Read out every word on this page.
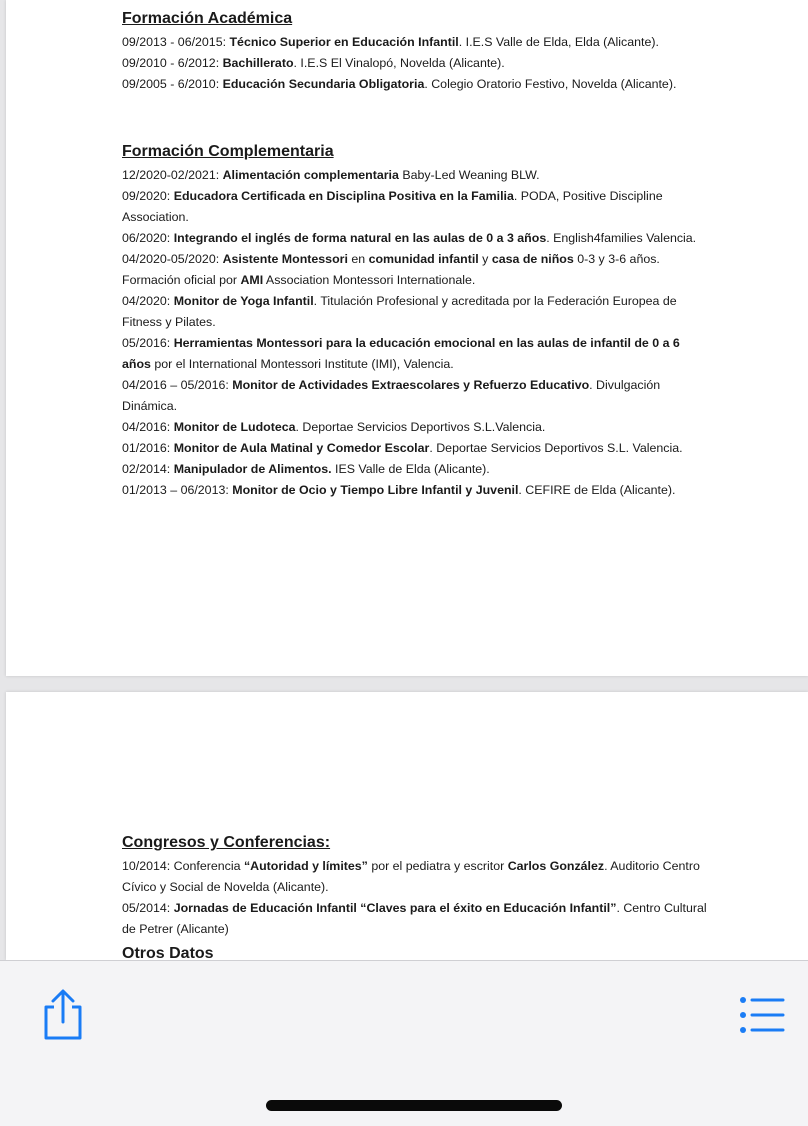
Formación Académica

09/2013 - 06/2015: Técnico Superior en Educación Infantil. I.E.S Valle de Elda, Elda (Alicante).

09/2010 - 6/2012: Bachillerato. I.E.S El Vinalopó, Novelda (Alicante).

09/2005 - 6/2010: Educación Secundaria Obligatoria. Colegio Oratorio Festivo, Novelda (Alicante).

Formación Complementaria

12/2020-02/2021: Alimentación complementaria Baby-Led Weaning BLW.

09/2020: Educadora Certificada en Disciplina Positiva en la Familia. PODA, Positive Discipline Association.

06/2020: Integrando el inglés de forma natural en las aulas de 0 a 3 años. English4families Valencia.

04/2020-05/2020: Asistente Montessori en comunidad infantil y casa de niños 0-3 y 3-6 años. Formación oficial por AMI Association Montessori Internationale.

04/2020: Monitor de Yoga Infantil. Titulación Profesional y acreditada por la Federación Europea de Fitness y Pilates.

05/2016: Herramientas Montessori para la educación emocional en las aulas de infantil de 0 a 6 años por el International Montessori Institute (IMI), Valencia.

04/2016 – 05/2016: Monitor de Actividades Extraescolares y Refuerzo Educativo. Divulgación Dinámica.

04/2016: Monitor de Ludoteca. Deportae Servicios Deportivos S.L.Valencia.

01/2016: Monitor de Aula Matinal y Comedor Escolar. Deportae Servicios Deportivos S.L. Valencia.

02/2014: Manipulador de Alimentos. IES Valle de Elda (Alicante).

01/2013 – 06/2013: Monitor de Ocio y Tiempo Libre Infantil y Juvenil. CEFIRE de Elda (Alicante).

Congresos y Conferencias:

10/2014: Conferencia “Autoridad y límites” por el pediatra y escritor Carlos González. Auditorio Centro Cívico y Social de Novelda (Alicante).

05/2014: Jornadas de Educación Infantil “Claves para el éxito en Educación Infantil”. Centro Cultural de Petrer (Alicante)

Otros Datos
